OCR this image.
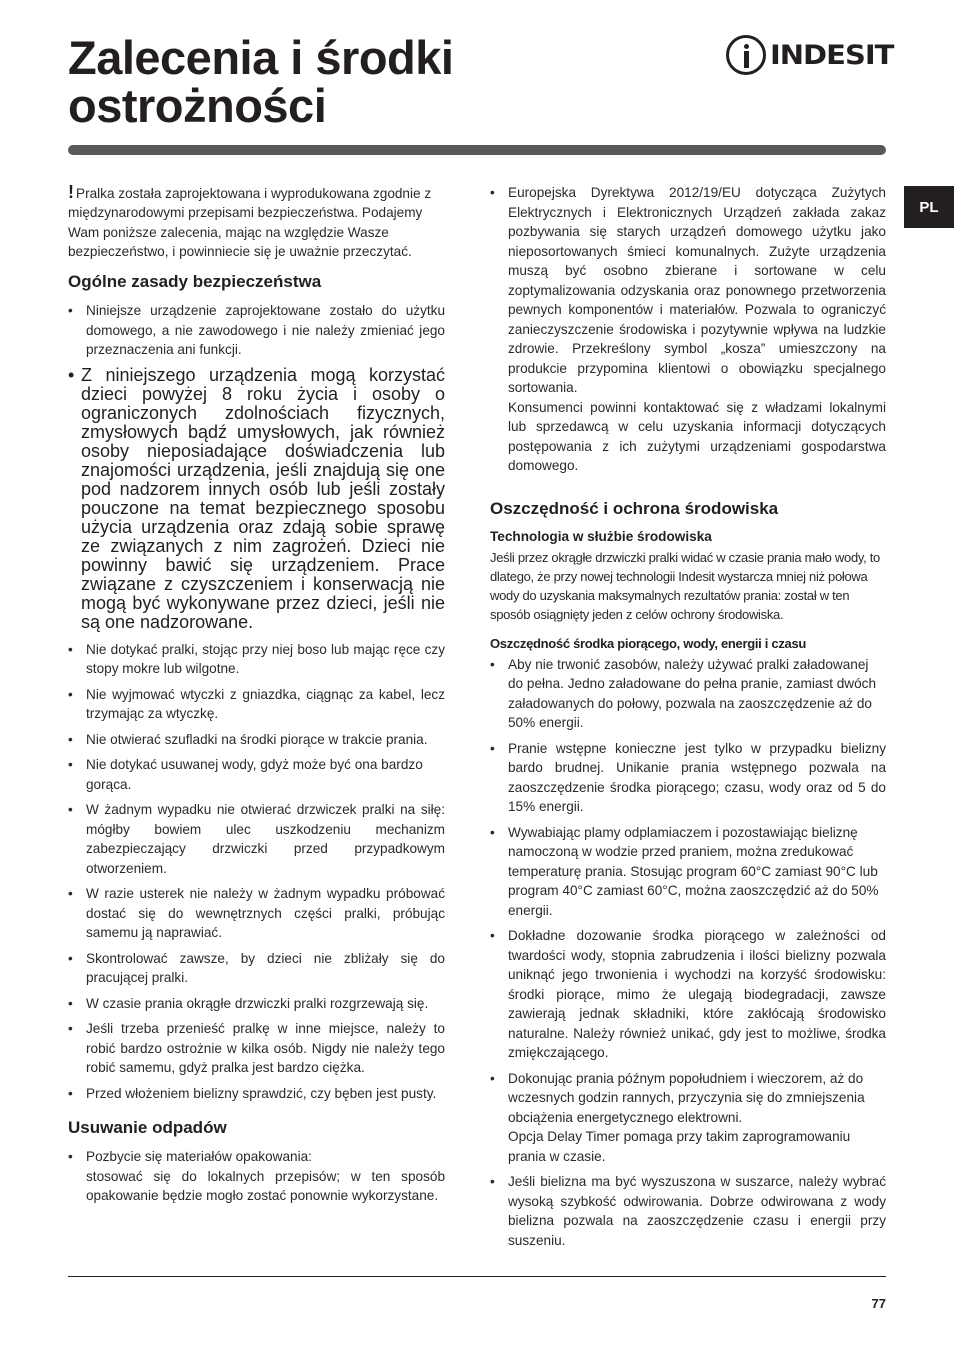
Zalecenia i środki
ostrożności
INDESIT
PL

! Pralka została zaprojektowana i wyprodukowana zgodnie z międzynarodowymi przepisami bezpieczeństwa. Podajemy Wam poniższe zalecenia, mając na względzie Wasze bezpieczeństwo, i powinniecie się je uważnie przeczytać.

Ogólne zasady bezpieczeństwa
• Niniejsze urządzenie zaprojektowane zostało do użytku domowego, a nie zawodowego i nie należy zmieniać jego przeznaczenia ani funkcji.
• Z niniejszego urządzenia mogą korzystać dzieci powyżej 8 roku życia i osoby o ograniczonych zdolnościach fizycznych, zmysłowych bądź umysłowych, jak również osoby nieposiadające doświadczenia lub znajomości urządzenia, jeśli znajdują się one pod nadzorem innych osób lub jeśli zostały pouczone na temat bezpiecznego sposobu użycia urządzenia oraz zdają sobie sprawę ze związanych z nim zagrożeń. Dzieci nie powinny bawić się urządzeniem. Prace związane z czyszczeniem i konserwacją nie mogą być wykonywane przez dzieci, jeśli nie są one nadzorowane.
• Nie dotykać pralki, stojąc przy niej boso lub mając ręce czy stopy mokre lub wilgotne.
• Nie wyjmować wtyczki z gniazdka, ciągnąc za kabel, lecz trzymając za wtyczkę.
• Nie otwierać szufladki na środki piorące w trakcie prania.
• Nie dotykać usuwanej wody, gdyż może być ona bardzo gorąca.
• W żadnym wypadku nie otwierać drzwiczek pralki na siłę: mógłby bowiem ulec uszkodzeniu mechanizm zabezpieczający drzwiczki przed przypadkowym otworzeniem.
• W razie usterek nie należy w żadnym wypadku próbować dostać się do wewnętrznych części pralki, próbując samemu ją naprawiać.
• Skontrolować zawsze, by dzieci nie zbliżały się do pracującej pralki.
• W czasie prania okrągłe drzwiczki pralki rozgrzewają się.
• Jeśli trzeba przenieść pralkę w inne miejsce, należy to robić bardzo ostrożnie w kilka osób. Nigdy nie należy tego robić samemu, gdyż pralka jest bardzo ciężka.
• Przed włożeniem bielizny sprawdzić, czy bęben jest pusty.
Usuwanie odpadów
• Pozbycie się materiałów opakowania:
stosować się do lokalnych przepisów; w ten sposób opakowanie będzie mogło zostać ponownie wykorzystane.
• Europejska Dyrektywa 2012/19/EU dotycząca Zużytych Elektrycznych i Elektronicznych Urządzeń zakłada zakaz pozbywania się starych urządzeń domowego użytku jako nieposortowanych śmieci komunalnych. Zużyte urządzenia muszą być osobno zbierane i sortowane w celu zoptymalizowania odzyskania oraz ponownego przetworzenia pewnych komponentów i materiałów. Pozwala to ograniczyć zanieczyszczenie środowiska i pozytywnie wpływa na ludzkie zdrowie. Przekreślony symbol „kosza” umieszczony na produkcie przypomina klientowi o obowiązku specjalnego sortowania.
Konsumenci powinni kontaktować się z władzami lokalnymi lub sprzedawcą w celu uzyskania informacji dotyczących postępowania z ich zużytymi urządzeniami gospodarstwa domowego.
Oszczędność i ochrona środowiska
Technologia w służbie środowiska

Jeśli przez okrągłe drzwiczki pralki widać w czasie prania mało wody, to dlatego, że przy nowej technologii Indesit wystarcza mniej niż połowa wody do uzyskania maksymalnych rezultatów prania: został w ten sposób osiągnięty jeden z celów ochrony środowiska.

Oszczędność środka piorącego, wody, energii i czasu
• Aby nie trwonić zasobów, należy używać pralki załadowanej do pełna. Jedno załadowane do pełna pranie, zamiast dwóch załadowanych do połowy, pozwala na zaoszczędzenie aż do 50% energii.
• Pranie wstępne konieczne jest tylko w przypadku bielizny bardo brudnej. Unikanie prania wstępnego pozwala na zaoszczędzenie środka piorącego; czasu, wody oraz od 5 do 15% energii.
• Wywabiając plamy odplamiaczem i pozostawiając bieliznę namoczoną w wodzie przed praniem, można zredukować temperaturę prania. Stosując program 60°C zamiast 90°C lub program 40°C zamiast 60°C, można zaoszczędzić aż do 50% energii.
• Dokładne dozowanie środka piorącego w zależności od twardości wody, stopnia zabrudzenia i ilości bielizny pozwala uniknąć jego trwonienia i wychodzi na korzyść środowisku: środki piorące, mimo że ulegają biodegradacji, zawsze zawierają jednak składniki, które zakłócają środowisko naturalne. Należy również unikać, gdy jest to możliwe, środka zmiękczającego.
• Dokonując prania późnym popołudniem i wieczorem, aż do wczesnych godzin rannych, przyczynia się do zmniejszenia obciążenia energetycznego elektrowni.
Opcja Delay Timer pomaga przy takim zaprogramowaniu prania w czasie.
• Jeśli bielizna ma być wyszuszona w suszarce, należy wybrać wysoką szybkość odwirowania. Dobrze odwirowana z wody bielizna pozwala na zaoszczędzenie czasu i energii przy suszeniu.
77
